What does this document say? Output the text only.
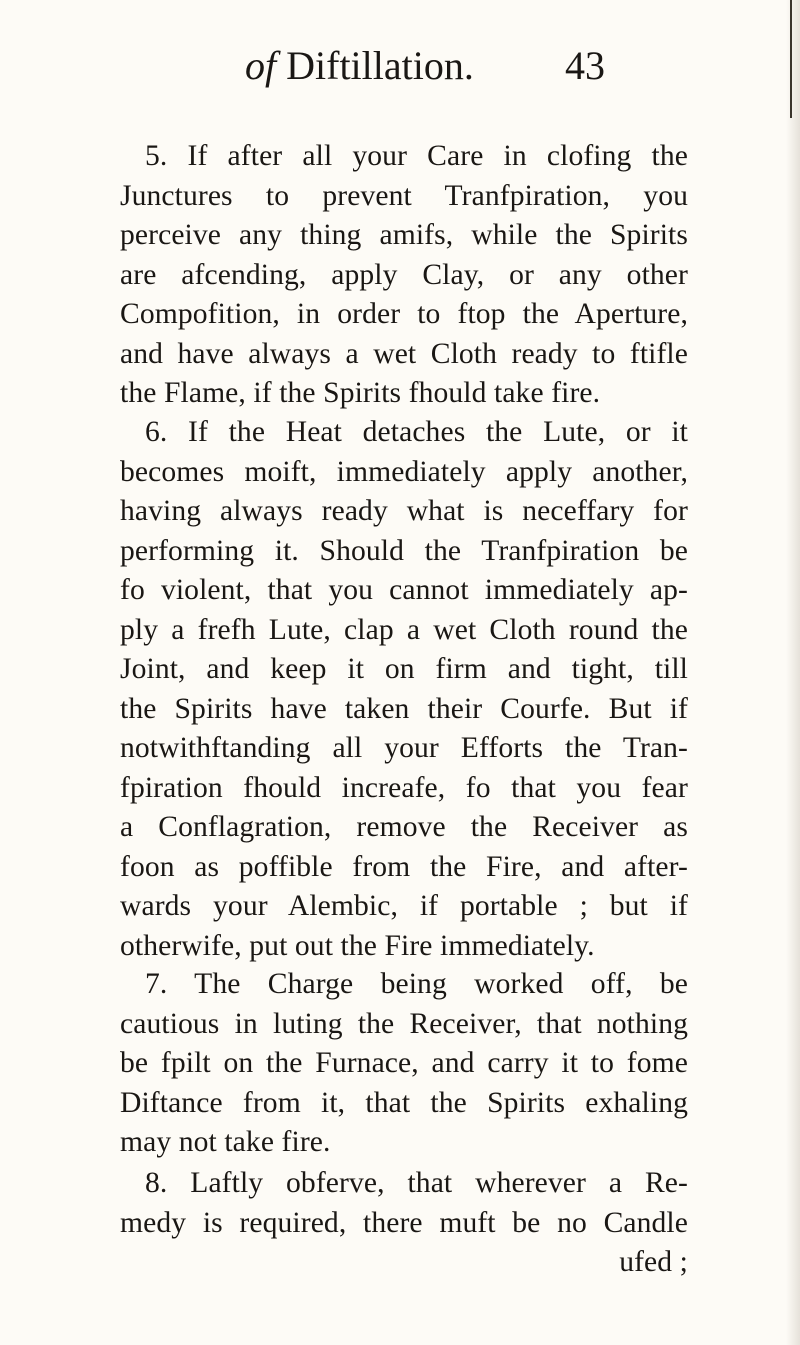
of Diftillation. 43
5. If after all your Care in clofing the
Junctures to prevent Tranfpiration, you
perceive any thing amifs, while the Spirits
are afcending, apply Clay, or any other
Compofition, in order to ftop the Aperture,
and have always a wet Cloth ready to ftifle
the Flame, if the Spirits fhould take fire.
6. If the Heat detaches the Lute, or it
becomes moift, immediately apply another,
having always ready what is neceffary for
performing it. Should the Tranfpiration be
fo violent, that you cannot immediately ap-
ply a frefh Lute, clap a wet Cloth round the
Joint, and keep it on firm and tight, till
the Spirits have taken their Courfe. But if
notwithftanding all your Efforts the Tran-
fpiration fhould increafe, fo that you fear
a Conflagration, remove the Receiver as
foon as poffible from the Fire, and after-
wards your Alembic, if portable ; but if
otherwife, put out the Fire immediately.
7. The Charge being worked off, be
cautious in luting the Receiver, that nothing
be fpilt on the Furnace, and carry it to fome
Diftance from it, that the Spirits exhaling
may not take fire.
8. Laftly obferve, that wherever a Re-
medy is required, there muft be no Candle
ufed ;
